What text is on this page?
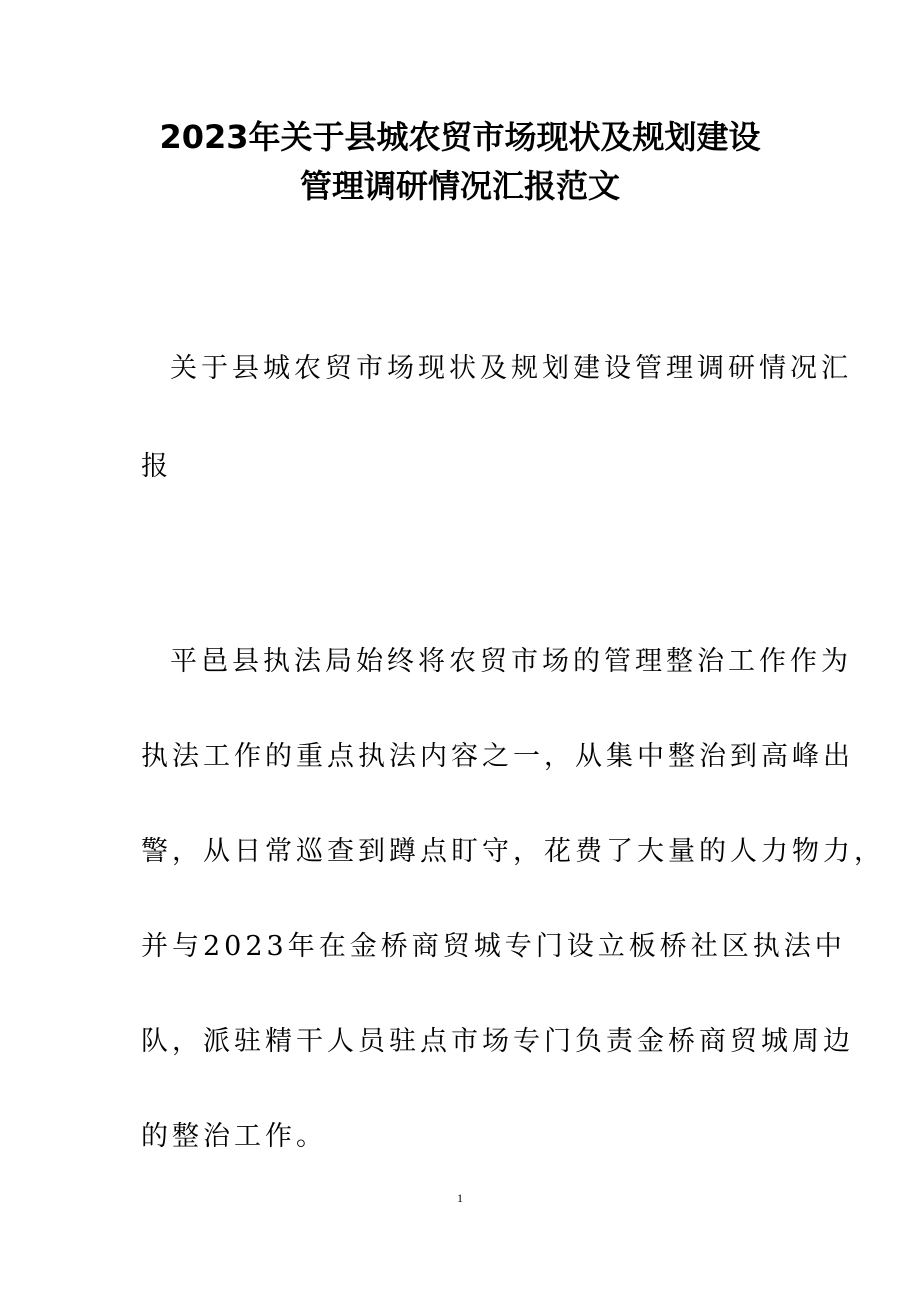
2023年关于县城农贸市场现状及规划建设
管理调研情况汇报范文
关于县城农贸市场现状及规划建设管理调研情况汇
报
平邑县执法局始终将农贸市场的管理整治工作作为
执法工作的重点执法内容之一，从集中整治到高峰出
警，从日常巡查到蹲点盯守，花费了大量的人力物力，
并与2023年在金桥商贸城专门设立板桥社区执法中
队，派驻精干人员驻点市场专门负责金桥商贸城周边
的整治工作。
1
